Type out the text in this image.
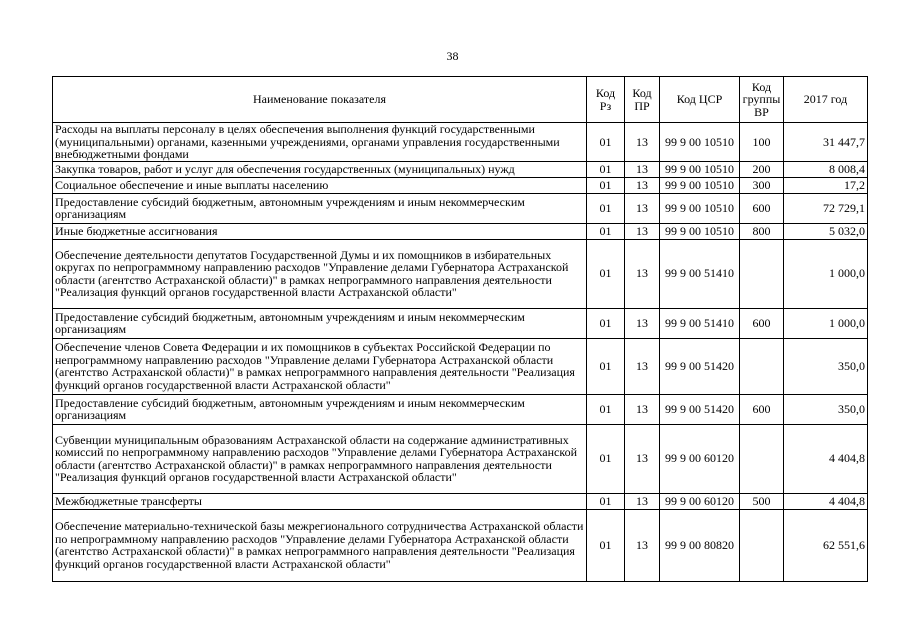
38
Наименование показателя	Код Рз	Код ПР	Код ЦСР	Код группы ВР	2017 год
Расходы на выплаты персоналу в целях обеспечения выполнения функций государственными (муниципальными) органами, казенными учреждениями, органами управления государственными внебюджетными фондами	01	13	99 9 00 10510	100	31 447,7
Закупка товаров, работ и услуг для обеспечения государственных (муниципальных) нужд	01	13	99 9 00 10510	200	8 008,4
Социальное обеспечение и иные выплаты населению	01	13	99 9 00 10510	300	17,2
Предоставление субсидий бюджетным, автономным учреждениям и иным некоммерческим организациям	01	13	99 9 00 10510	600	72 729,1
Иные бюджетные ассигнования	01	13	99 9 00 10510	800	5 032,0
Обеспечение деятельности депутатов Государственной Думы и их помощников в избирательных округах по непрограммному направлению расходов "Управление делами Губернатора Астраханской области (агентство Астраханской области)" в рамках непрограммного направления деятельности "Реализация функций органов государственной власти Астраханской области"	01	13	99 9 00 51410		1 000,0
Предоставление субсидий бюджетным, автономным учреждениям и иным некоммерческим организациям	01	13	99 9 00 51410	600	1 000,0
Обеспечение членов Совета Федерации и их помощников в субъектах Российской Федерации по непрограммному направлению расходов "Управление делами Губернатора Астраханской области (агентство Астраханской области)" в рамках непрограммного направления деятельности "Реализация функций органов государственной власти Астраханской области"	01	13	99 9 00 51420		350,0
Предоставление субсидий бюджетным, автономным учреждениям и иным некоммерческим организациям	01	13	99 9 00 51420	600	350,0
Субвенции муниципальным образованиям Астраханской области на содержание административных комиссий по непрограммному направлению расходов "Управление делами Губернатора Астраханской области (агентство Астраханской области)" в рамках непрограммного направления деятельности "Реализация функций органов государственной власти Астраханской области"	01	13	99 9 00 60120		4 404,8
Межбюджетные трансферты	01	13	99 9 00 60120	500	4 404,8
Обеспечение материально-технической базы межрегионального сотрудничества Астраханской области по непрограммному направлению расходов "Управление делами Губернатора Астраханской области (агентство Астраханской области)" в рамках непрограммного направления деятельности "Реализация функций органов государственной власти Астраханской области"	01	13	99 9 00 80820		62 551,6
